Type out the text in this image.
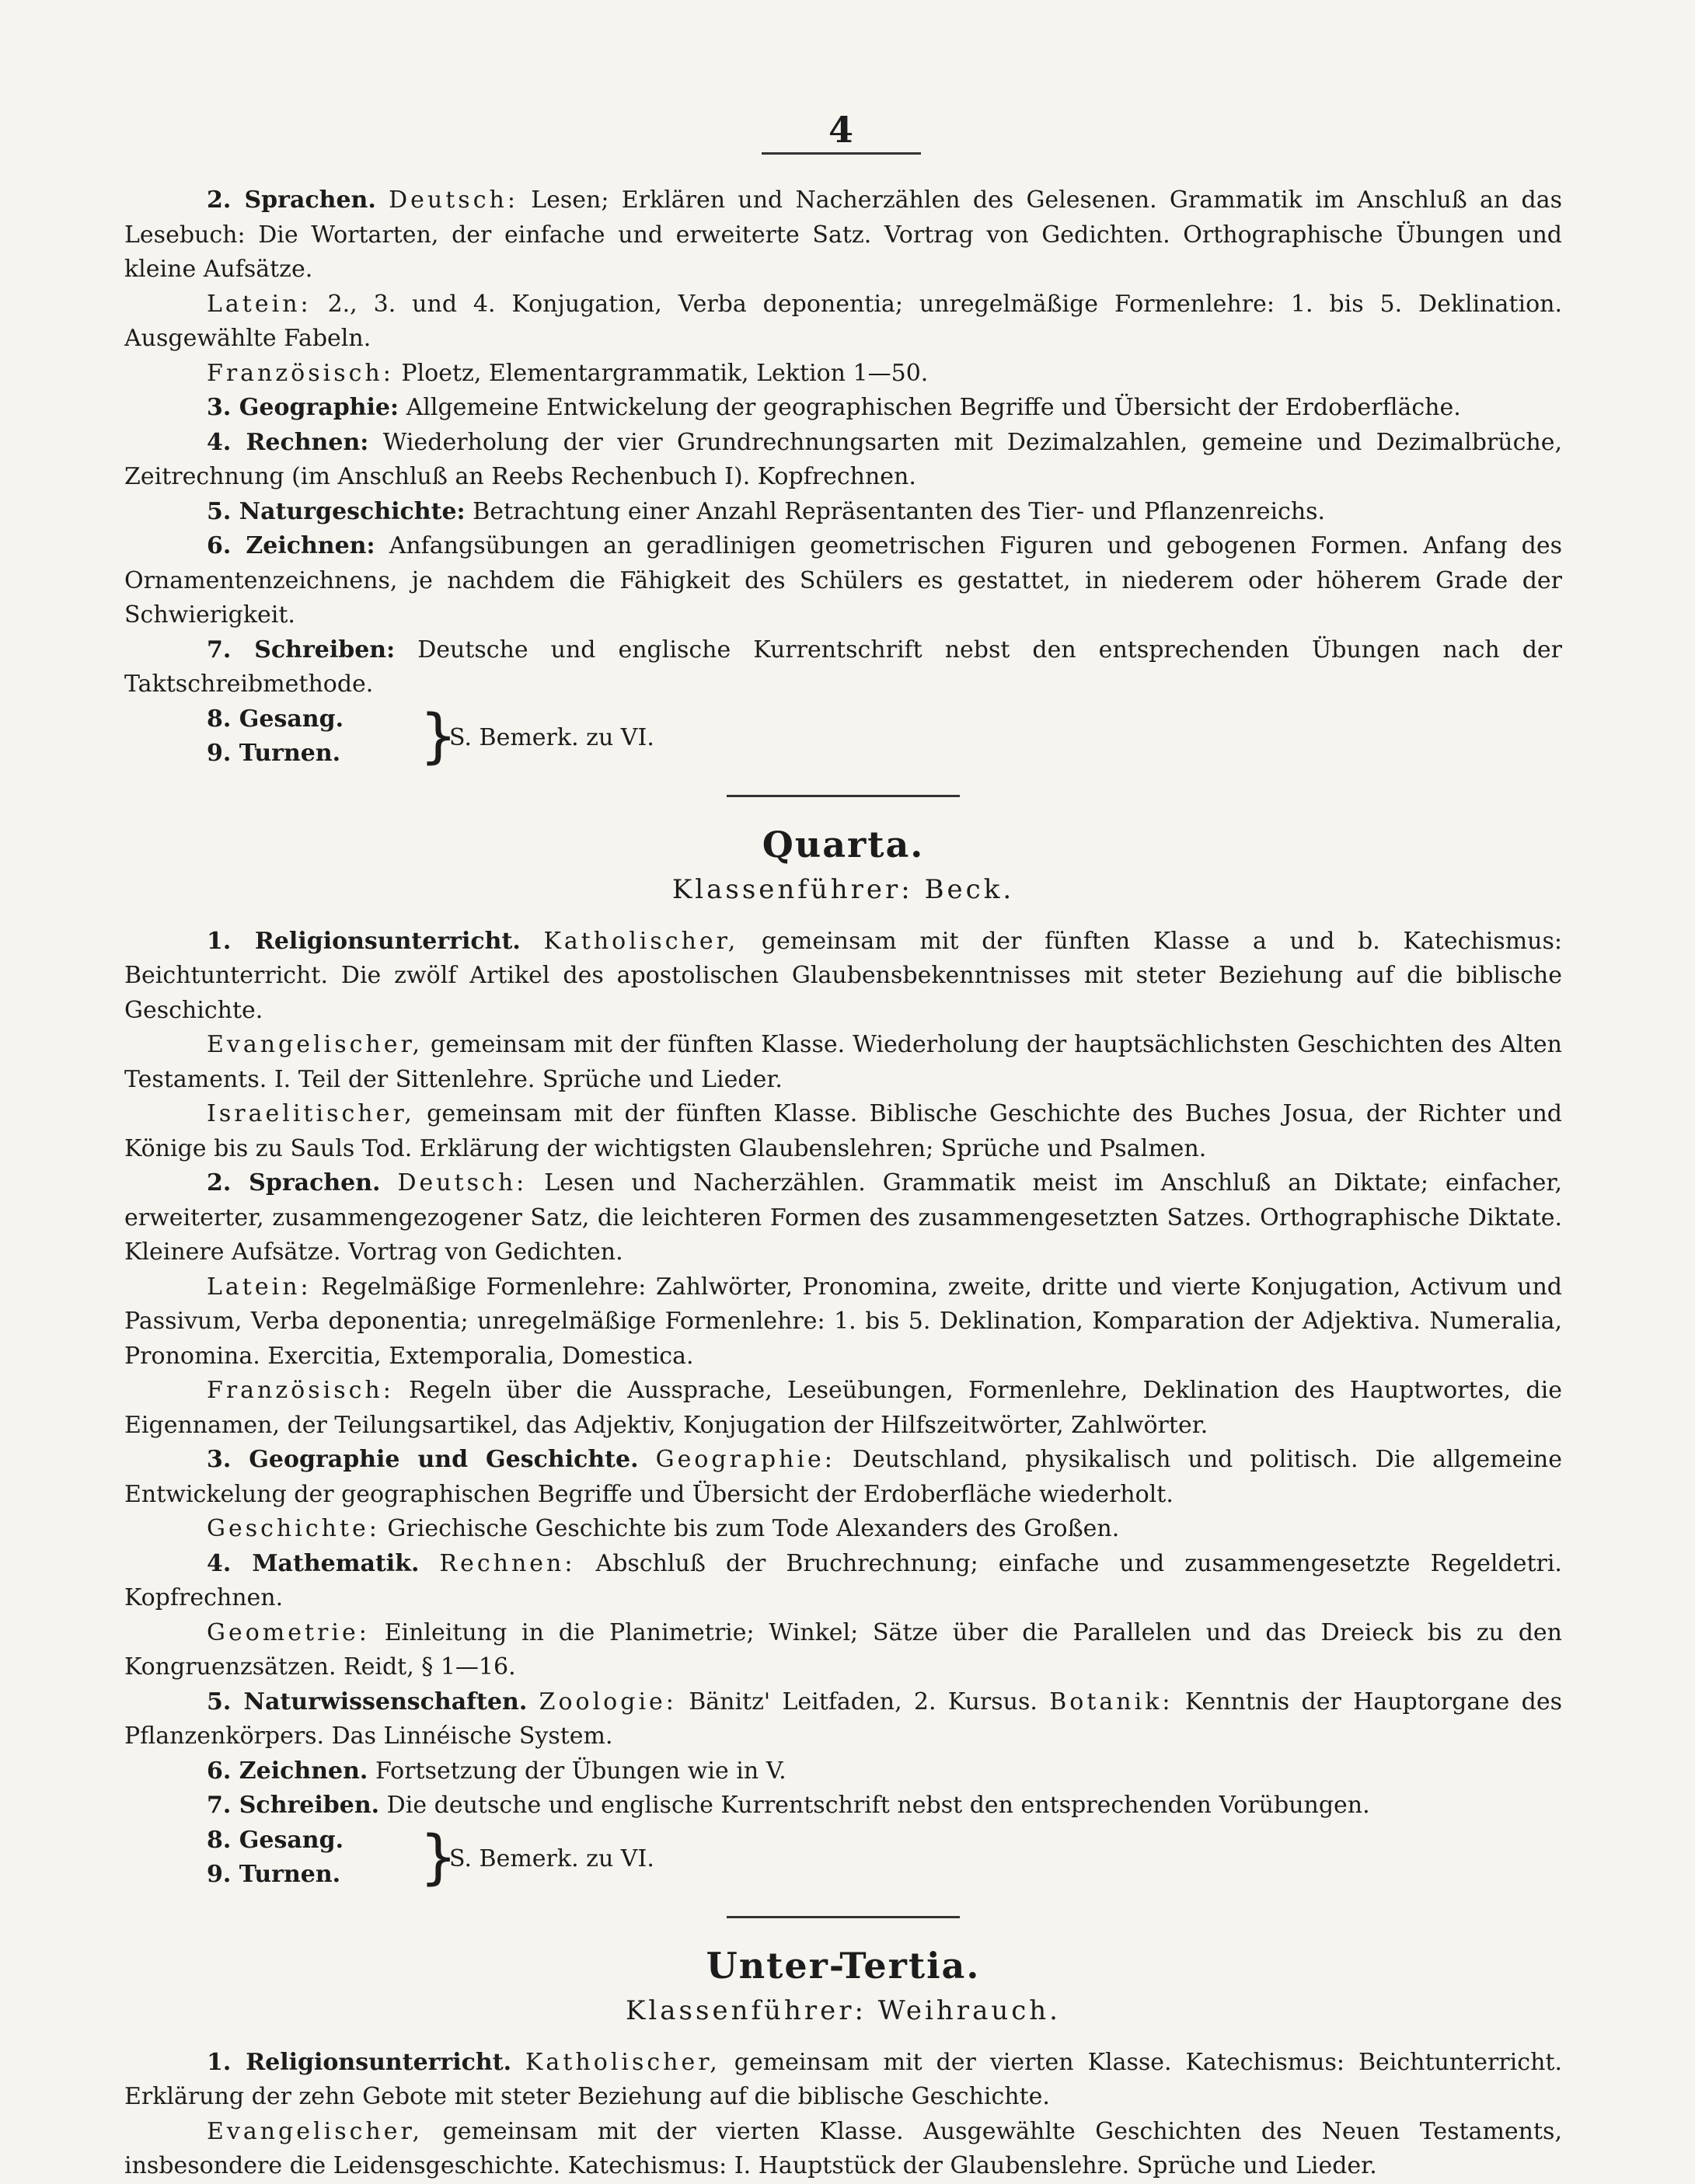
4

2. Sprachen. Deutsch: Lesen; Erklären und Nacherzählen des Gelesenen. Grammatik im Anschluß an das Lesebuch: Die Wortarten, der einfache und erweiterte Satz. Vortrag von Gedichten. Orthographische Übungen und kleine Aufsätze.

Latein: 2., 3. und 4. Konjugation, Verba deponentia; unregelmäßige Formenlehre: 1. bis 5. Deklination. Ausgewählte Fabeln.

Französisch: Ploetz, Elementargrammatik, Lektion 1—50.

3. Geographie: Allgemeine Entwickelung der geographischen Begriffe und Übersicht der Erdoberfläche.

4. Rechnen: Wiederholung der vier Grundrechnungsarten mit Dezimalzahlen, gemeine und Dezimalbrüche, Zeitrechnung (im Anschluß an Reebs Rechenbuch I). Kopfrechnen.

5. Naturgeschichte: Betrachtung einer Anzahl Repräsentanten des Tier- und Pflanzenreichs.

6. Zeichnen: Anfangsübungen an geradlinigen geometrischen Figuren und gebogenen Formen. Anfang des Ornamentenzeichnens, je nachdem die Fähigkeit des Schülers es gestattet, in niederem oder höherem Grade der Schwierigkeit.

7. Schreiben: Deutsche und englische Kurrentschrift nebst den entsprechenden Übungen nach der Taktschreibmethode.

8. Gesang.
9. Turnen. }
S. Bemerk. zu VI.
Quarta.
Klassenführer: Beck.

1. Religionsunterricht. Katholischer, gemeinsam mit der fünften Klasse a und b. Katechismus: Beichtunterricht. Die zwölf Artikel des apostolischen Glaubensbekenntnisses mit steter Beziehung auf die biblische Geschichte.

Evangelischer, gemeinsam mit der fünften Klasse. Wiederholung der hauptsächlichsten Geschichten des Alten Testaments. I. Teil der Sittenlehre. Sprüche und Lieder.

Israelitischer, gemeinsam mit der fünften Klasse. Biblische Geschichte des Buches Josua, der Richter und Könige bis zu Sauls Tod. Erklärung der wichtigsten Glaubenslehren; Sprüche und Psalmen.

2. Sprachen. Deutsch: Lesen und Nacherzählen. Grammatik meist im Anschluß an Diktate; einfacher, erweiterter, zusammengezogener Satz, die leichteren Formen des zusammengesetzten Satzes. Orthographische Diktate. Kleinere Aufsätze. Vortrag von Gedichten.

Latein: Regelmäßige Formenlehre: Zahlwörter, Pronomina, zweite, dritte und vierte Konjugation, Activum und Passivum, Verba deponentia; unregelmäßige Formenlehre: 1. bis 5. Deklination, Komparation der Adjektiva. Numeralia, Pronomina. Exercitia, Extemporalia, Domestica.

Französisch: Regeln über die Aussprache, Leseübungen, Formenlehre, Deklination des Hauptwortes, die Eigennamen, der Teilungsartikel, das Adjektiv, Konjugation der Hilfszeitwörter, Zahlwörter.

3. Geographie und Geschichte. Geographie: Deutschland, physikalisch und politisch. Die allgemeine Entwickelung der geographischen Begriffe und Übersicht der Erdoberfläche wiederholt.

Geschichte: Griechische Geschichte bis zum Tode Alexanders des Großen.

4. Mathematik. Rechnen: Abschluß der Bruchrechnung; einfache und zusammengesetzte Regeldetri. Kopfrechnen.

Geometrie: Einleitung in die Planimetrie; Winkel; Sätze über die Parallelen und das Dreieck bis zu den Kongruenzsätzen. Reidt, § 1—16.

5. Naturwissenschaften. Zoologie: Bänitz' Leitfaden, 2. Kursus. Botanik: Kenntnis der Hauptorgane des Pflanzenkörpers. Das Linnéische System.

6. Zeichnen. Fortsetzung der Übungen wie in V.

7. Schreiben. Die deutsche und englische Kurrentschrift nebst den entsprechenden Vorübungen.

8. Gesang.
9. Turnen. }
S. Bemerk. zu VI.
Unter-Tertia.
Klassenführer: Weihrauch.

1. Religionsunterricht. Katholischer, gemeinsam mit der vierten Klasse. Katechismus: Beichtunterricht. Erklärung der zehn Gebote mit steter Beziehung auf die biblische Geschichte.

Evangelischer, gemeinsam mit der vierten Klasse. Ausgewählte Geschichten des Neuen Testaments, insbesondere die Leidensgeschichte. Katechismus: I. Hauptstück der Glaubenslehre. Sprüche und Lieder.
